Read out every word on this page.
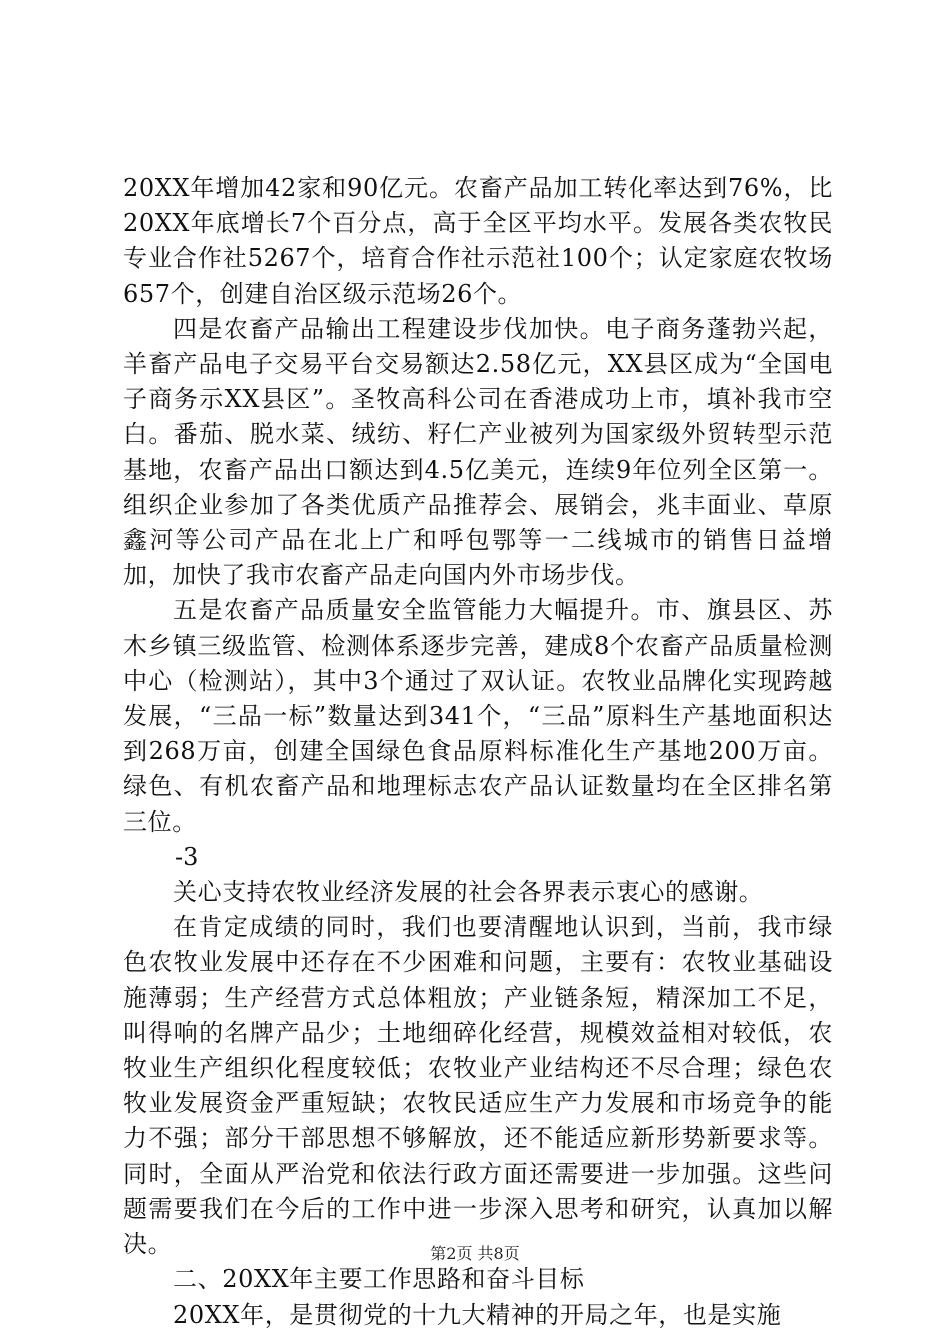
20XX年增加42家和90亿元。农畜产品加工转化率达到76%，比20XX年底增长7个百分点，高于全区平均水平。发展各类农牧民专业合作社5267个，培育合作社示范社100个；认定家庭农牧场657个，创建自治区级示范场26个。

四是农畜产品输出工程建设步伐加快。电子商务蓬勃兴起，羊畜产品电子交易平台交易额达2.58亿元，XX县区成为“全国电子商务示XX县区”。圣牧高科公司在香港成功上市，填补我市空白。番茄、脱水菜、绒纺、籽仁产业被列为国家级外贸转型示范基地，农畜产品出口额达到4.5亿美元，连续9年位列全区第一。组织企业参加了各类优质产品推荐会、展销会，兆丰面业、草原鑫河等公司产品在北上广和呼包鄂等一二线城市的销售日益增加，加快了我市农畜产品走向国内外市场步伐。

五是农畜产品质量安全监管能力大幅提升。市、旗县区、苏木乡镇三级监管、检测体系逐步完善，建成8个农畜产品质量检测中心（检测站），其中3个通过了双认证。农牧业品牌化实现跨越发展，“三品一标”数量达到341个，“三品”原料生产基地面积达到268万亩，创建全国绿色食品原料标准化生产基地200万亩。绿色、有机农畜产品和地理标志农产品认证数量均在全区排名第三位。

-3

关心支持农牧业经济发展的社会各界表示衷心的感谢。

在肯定成绩的同时，我们也要清醒地认识到，当前，我市绿色农牧业发展中还存在不少困难和问题，主要有：农牧业基础设施薄弱；生产经营方式总体粗放；产业链条短，精深加工不足，叫得响的名牌产品少；土地细碎化经营，规模效益相对较低，农牧业生产组织化程度较低；农牧业产业结构还不尽合理；绿色农牧业发展资金严重短缺；农牧民适应生产力发展和市场竞争的能力不强；部分干部思想不够解放，还不能适应新形势新要求等。同时，全面从严治党和依法行政方面还需要进一步加强。这些问题需要我们在今后的工作中进一步深入思考和研究，认真加以解决。

二、20XX年主要工作思路和奋斗目标

20XX年，是贯彻党的十九大精神的开局之年，也是实施

第2页 共8页
